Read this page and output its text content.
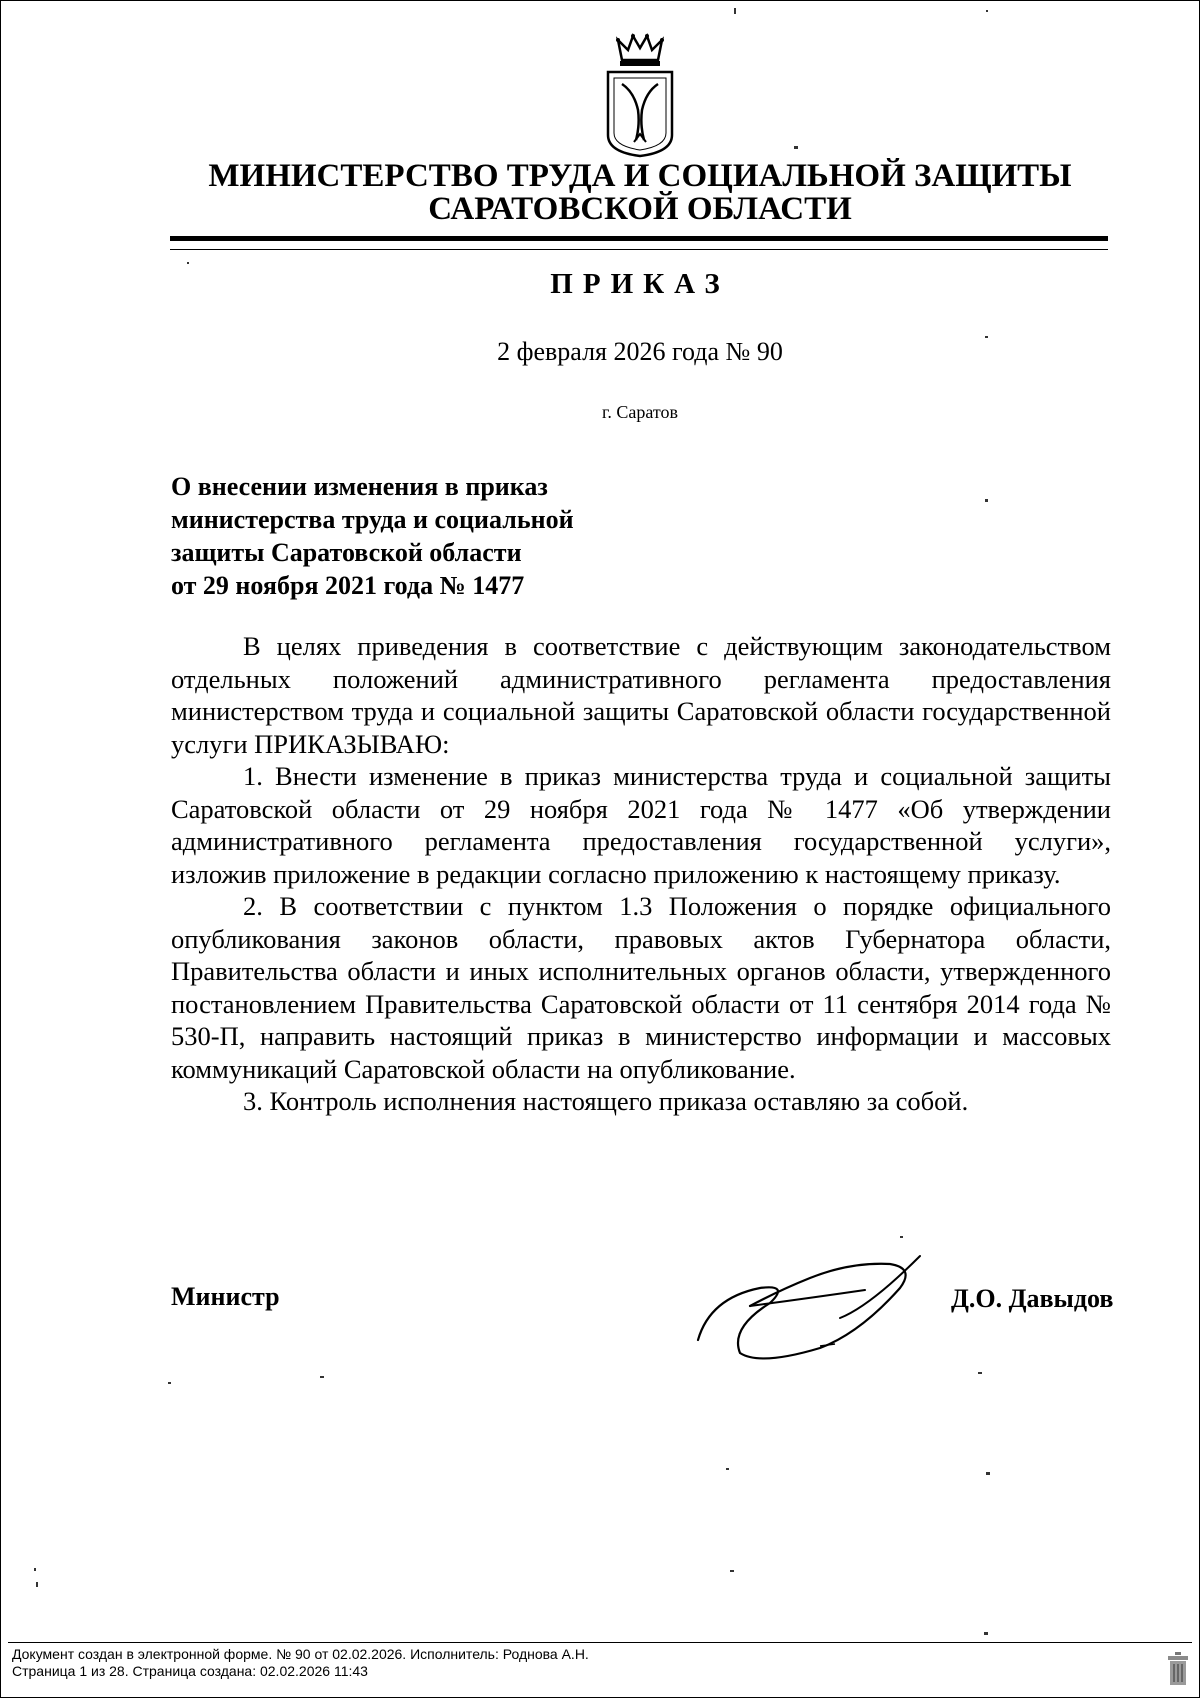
МИНИСТЕРСТВО ТРУДА И СОЦИАЛЬНОЙ ЗАЩИТЫ
САРАТОВСКОЙ ОБЛАСТИ
ПРИКАЗ
2 февраля 2026 года № 90
г. Саратов
О внесении изменения в приказ
министерства труда и социальной
защиты Саратовской области
от 29 ноября 2021 года № 1477

В целях приведения в соответствие с действующим законодательством отдельных положений административного регламента предоставления министерством труда и социальной защиты Саратовской области государственной услуги ПРИКАЗЫВАЮ:

1. Внести изменение в приказ министерства труда и социальной защиты Саратовской области от 29 ноября 2021 года № 1477 «Об утверждении административного регламента предоставления государственной услуги», изложив приложение в редакции согласно приложению к настоящему приказу.

2. В соответствии с пунктом 1.3 Положения о порядке официального опубликования законов области, правовых актов Губернатора области, Правительства области и иных исполнительных органов области, утвержденного постановлением Правительства Саратовской области от 11 сентября 2014 года № 530-П, направить настоящий приказ в министерство информации и массовых коммуникаций Саратовской области на опубликование.

3. Контроль исполнения настоящего приказа оставляю за собой.

Министр	Д.О. Давыдов
Документ создан в электронной форме. № 90 от 02.02.2026. Исполнитель: Роднова А.Н.
Страница 1 из 28. Страница создана: 02.02.2026 11:43
